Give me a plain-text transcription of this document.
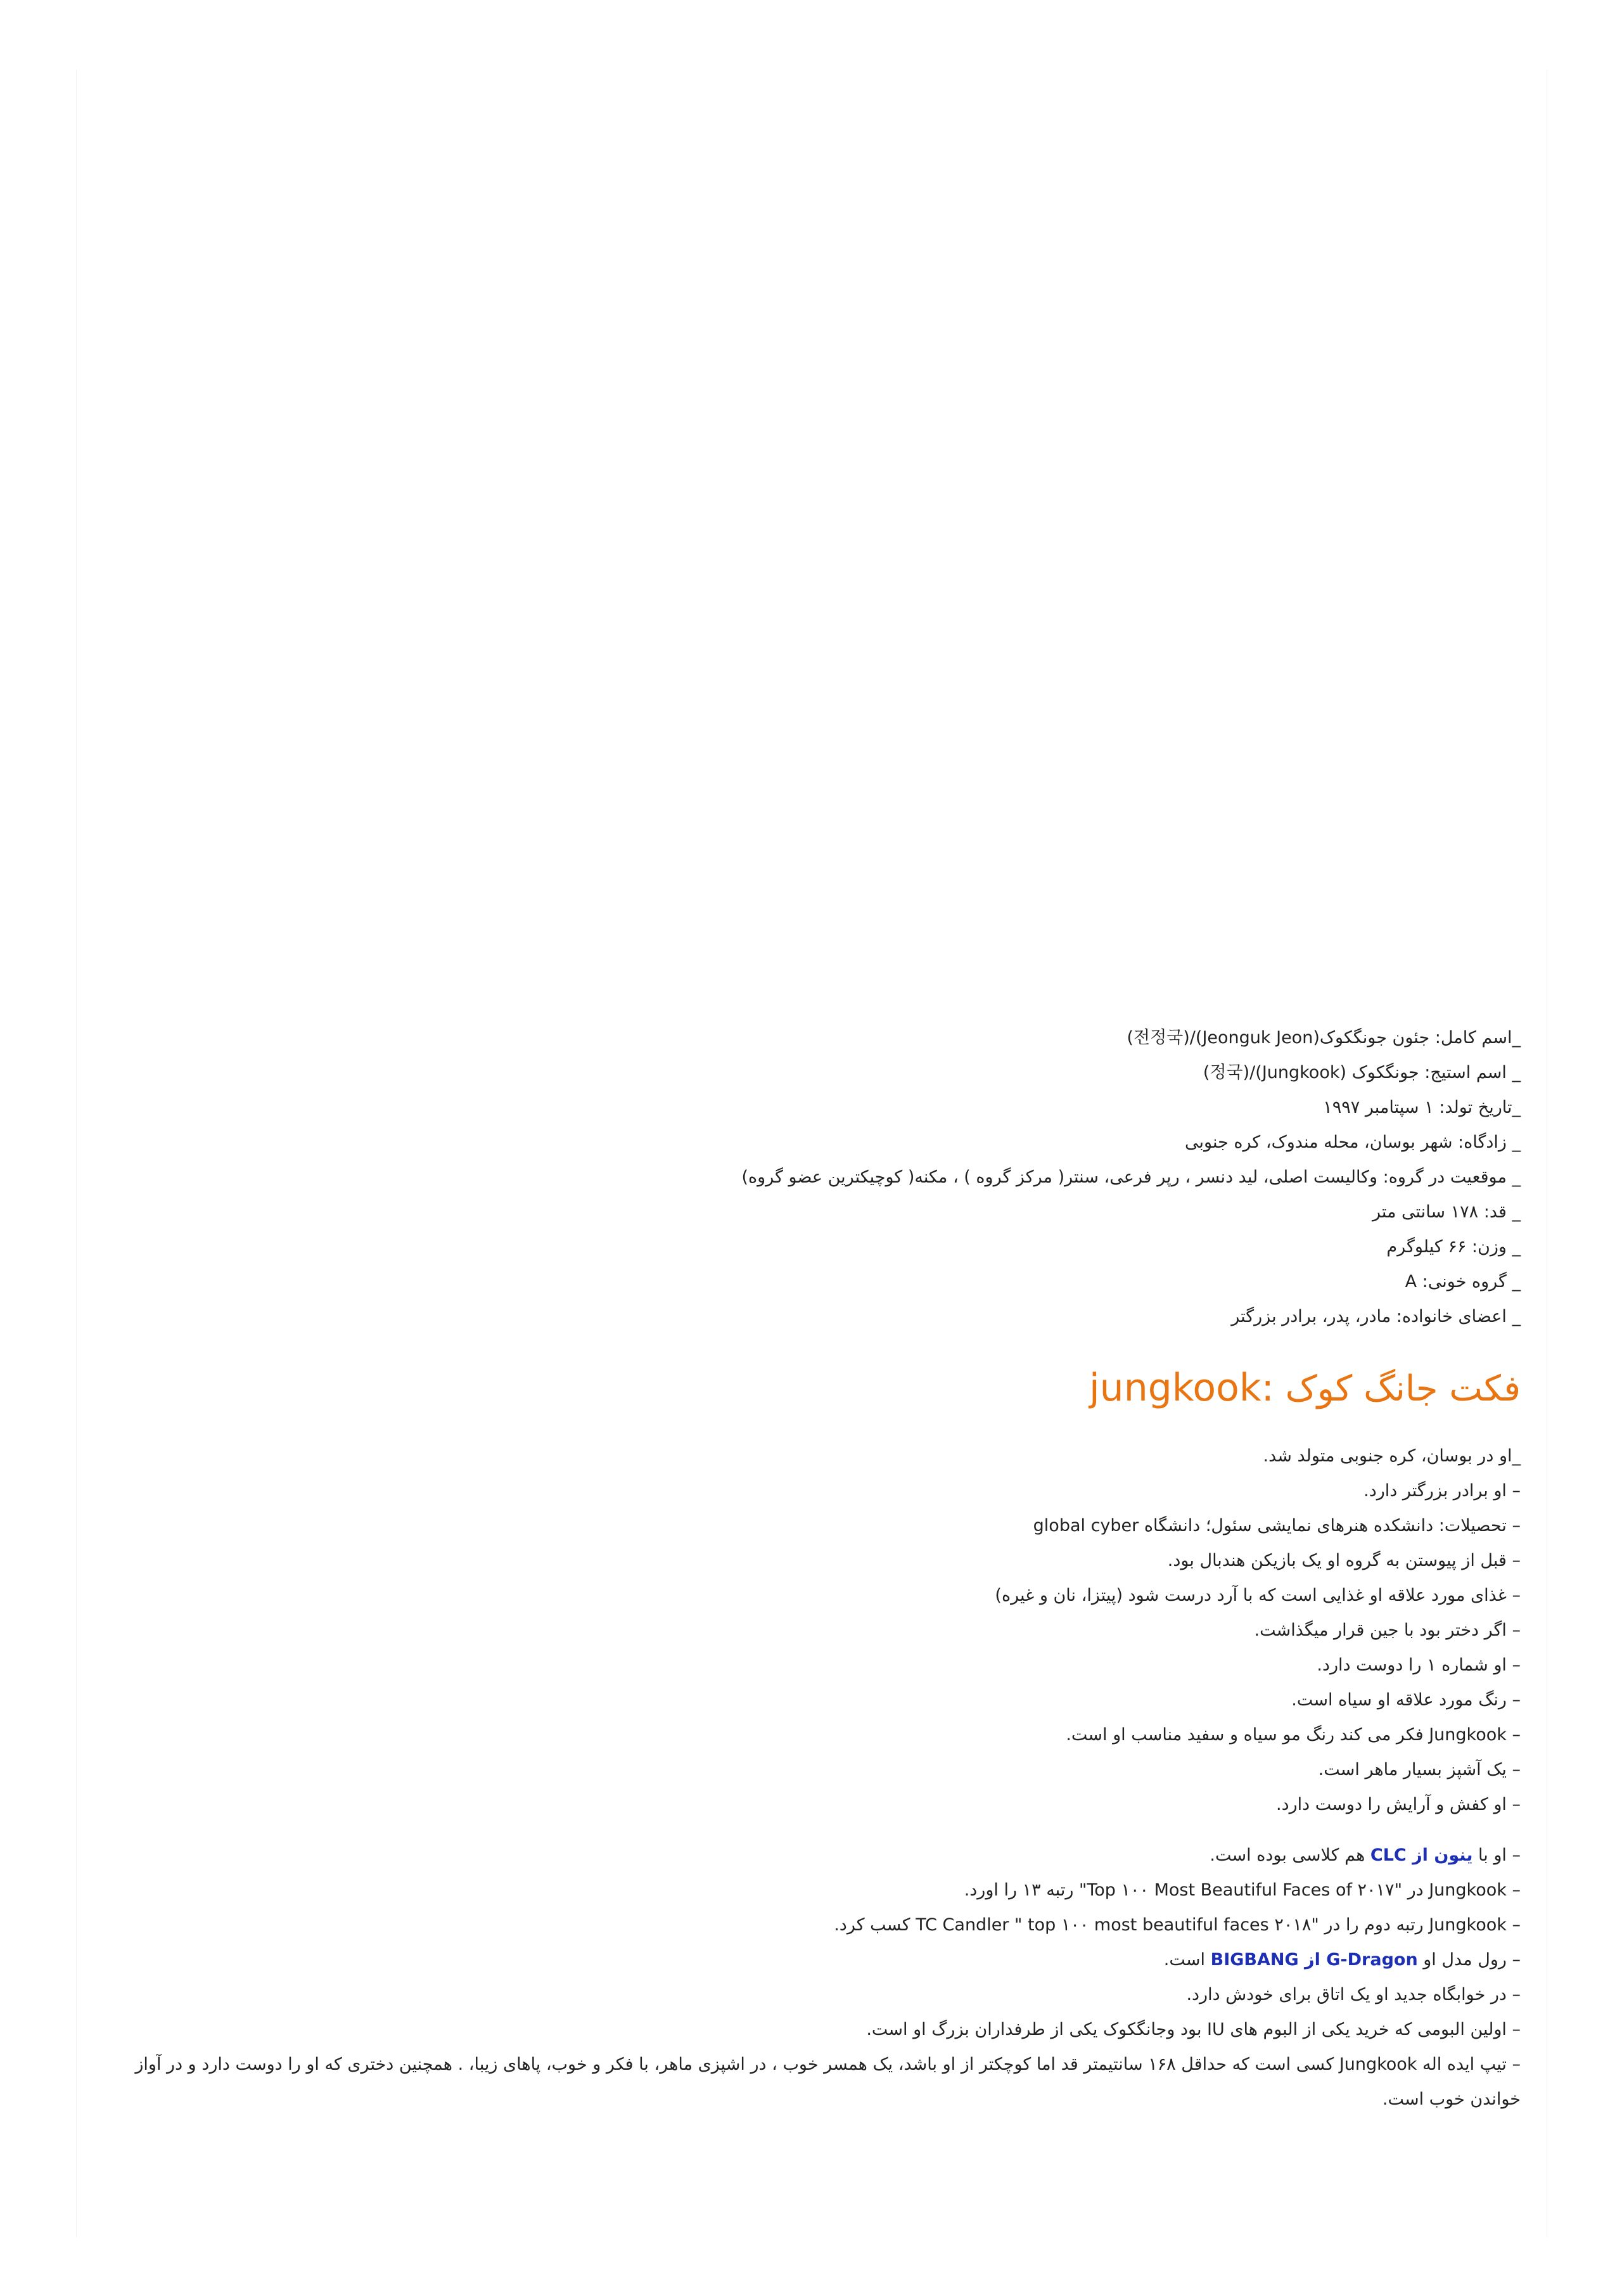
_اسم کامل: جئون جونگکوک(Jeonguk Jeon)/(전정국)

_ اسم استیج: جونگکوک (Jungkook)/(정국)

_تاریخ تولد: ۱ سپتامبر ۱۹۹۷

_ زادگاه: شهر بوسان، محله مندوک، کره جنوبی

_ موقعیت در گروه: وکالیست اصلی، لید دنسر ، رپر فرعی، سنتر( مرکز گروه ) ، مکنه( کوچیکترین عضو گروه)

_ قد: ۱۷۸ سانتی متر

_ وزن: ۶۶ کیلوگرم

_ گروه خونی: A

_ اعضای خانواده: مادر، پدر، برادر بزرگتر

فکت جانگ کوک jungkook:

_او در بوسان، کره جنوبی متولد شد.

– او برادر بزرگتر دارد.

– تحصیلات: دانشکده هنرهای نمایشی سئول؛ دانشگاه global cyber

– قبل از پیوستن به گروه او یک بازیکن هندبال بود.

– غذای مورد علاقه او غذایی است که با آرد درست شود (پیتزا، نان و غیره)

– اگر دختر بود با جین قرار میگذاشت.

– او شماره ۱ را دوست دارد.

– رنگ مورد علاقه او سیاه است.

– Jungkook فکر می کند رنگ مو سیاه و سفید مناسب او است.

– یک آشپز بسیار ماهر است.

– او کفش و آرایش را دوست دارد.

– او با ینون از CLC هم کلاسی بوده است.

– Jungkook در "Top ۱۰۰ Most Beautiful Faces of ۲۰۱۷" رتبه ۱۳ را اورد.

– Jungkook رتبه دوم را در "TC Candler " top ۱۰۰ most beautiful faces ۲۰۱۸ کسب کرد.

– رول مدل او G-Dragon از BIGBANG است.

– در خوابگاه جدید او یک اتاق برای خودش دارد.

– اولین البومی که خرید یکی از البوم های IU بود وجانگکوک یکی از طرفداران بزرگ او است.

– تیپ ایده اله Jungkook کسی است که حداقل ۱۶۸ سانتیمتر قد اما کوچکتر از او باشد، یک همسر خوب ، در اشپزی ماهر، با فکر و خوب، پاهای زیبا، . همچنین دختری که او را دوست دارد و در آواز خواندن خوب است.
